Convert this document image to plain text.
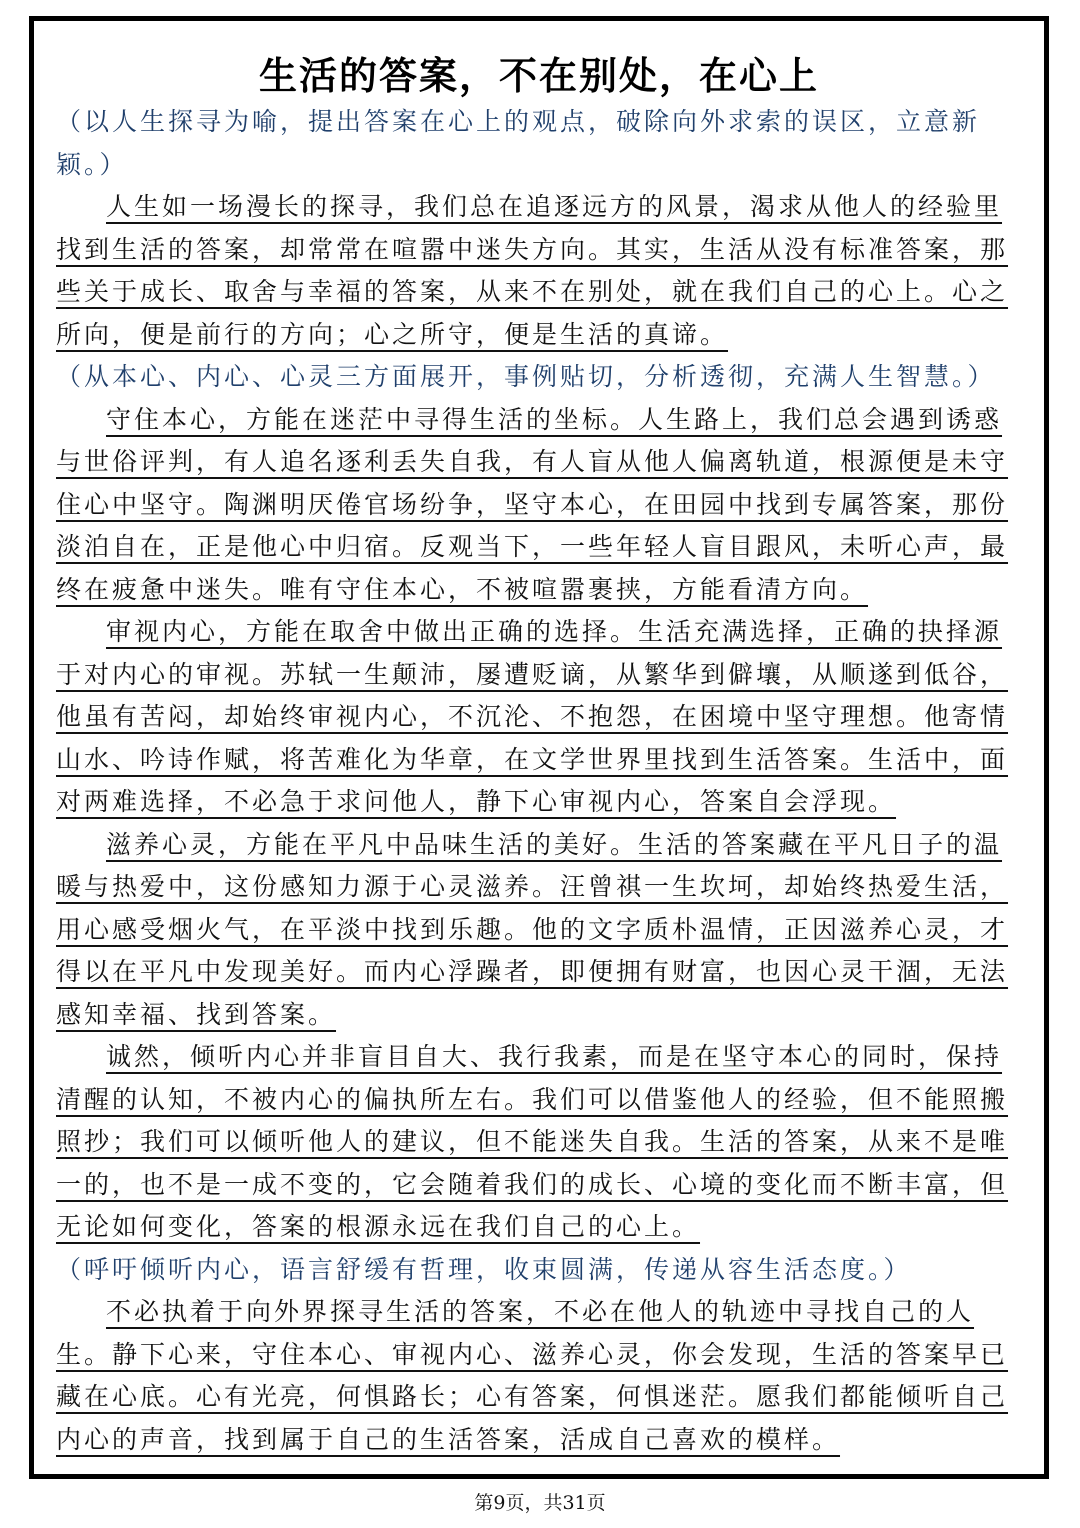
生活的答案，不在别处，在心上

（以人生探寻为喻，提出答案在心上的观点，破除向外求索的误区，立意新颖。）

人生如一场漫长的探寻，我们总在追逐远方的风景，渴求从他人的经验里找到生活的答案，却常常在喧嚣中迷失方向。其实，生活从没有标准答案，那些关于成长、取舍与幸福的答案，从来不在别处，就在我们自己的心上。心之所向，便是前行的方向；心之所守，便是生活的真谛。

（从本心、内心、心灵三方面展开，事例贴切，分析透彻，充满人生智慧。）

守住本心，方能在迷茫中寻得生活的坐标。人生路上，我们总会遇到诱惑与世俗评判，有人追名逐利丢失自我，有人盲从他人偏离轨道，根源便是未守住心中坚守。陶渊明厌倦官场纷争，坚守本心，在田园中找到专属答案，那份淡泊自在，正是他心中归宿。反观当下，一些年轻人盲目跟风，未听心声，最终在疲惫中迷失。唯有守住本心，不被喧嚣裹挟，方能看清方向。

审视内心，方能在取舍中做出正确的选择。生活充满选择，正确的抉择源于对内心的审视。苏轼一生颠沛，屡遭贬谪，从繁华到僻壤，从顺遂到低谷，他虽有苦闷，却始终审视内心，不沉沦、不抱怨，在困境中坚守理想。他寄情山水、吟诗作赋，将苦难化为华章，在文学世界里找到生活答案。生活中，面对两难选择，不必急于求问他人，静下心审视内心，答案自会浮现。

滋养心灵，方能在平凡中品味生活的美好。生活的答案藏在平凡日子的温暖与热爱中，这份感知力源于心灵滋养。汪曾祺一生坎坷，却始终热爱生活，用心感受烟火气，在平淡中找到乐趣。他的文字质朴温情，正因滋养心灵，才得以在平凡中发现美好。而内心浮躁者，即便拥有财富，也因心灵干涸，无法感知幸福、找到答案。

诚然，倾听内心并非盲目自大、我行我素，而是在坚守本心的同时，保持清醒的认知，不被内心的偏执所左右。我们可以借鉴他人的经验，但不能照搬照抄；我们可以倾听他人的建议，但不能迷失自我。生活的答案，从来不是唯一的，也不是一成不变的，它会随着我们的成长、心境的变化而不断丰富，但无论如何变化，答案的根源永远在我们自己的心上。

（呼吁倾听内心，语言舒缓有哲理，收束圆满，传递从容生活态度。）

不必执着于向外界探寻生活的答案，不必在他人的轨迹中寻找自己的人生。静下心来，守住本心、审视内心、滋养心灵，你会发现，生活的答案早已藏在心底。心有光亮，何惧路长；心有答案，何惧迷茫。愿我们都能倾听自己内心的声音，找到属于自己的生活答案，活成自己喜欢的模样。

第9页，共31页
